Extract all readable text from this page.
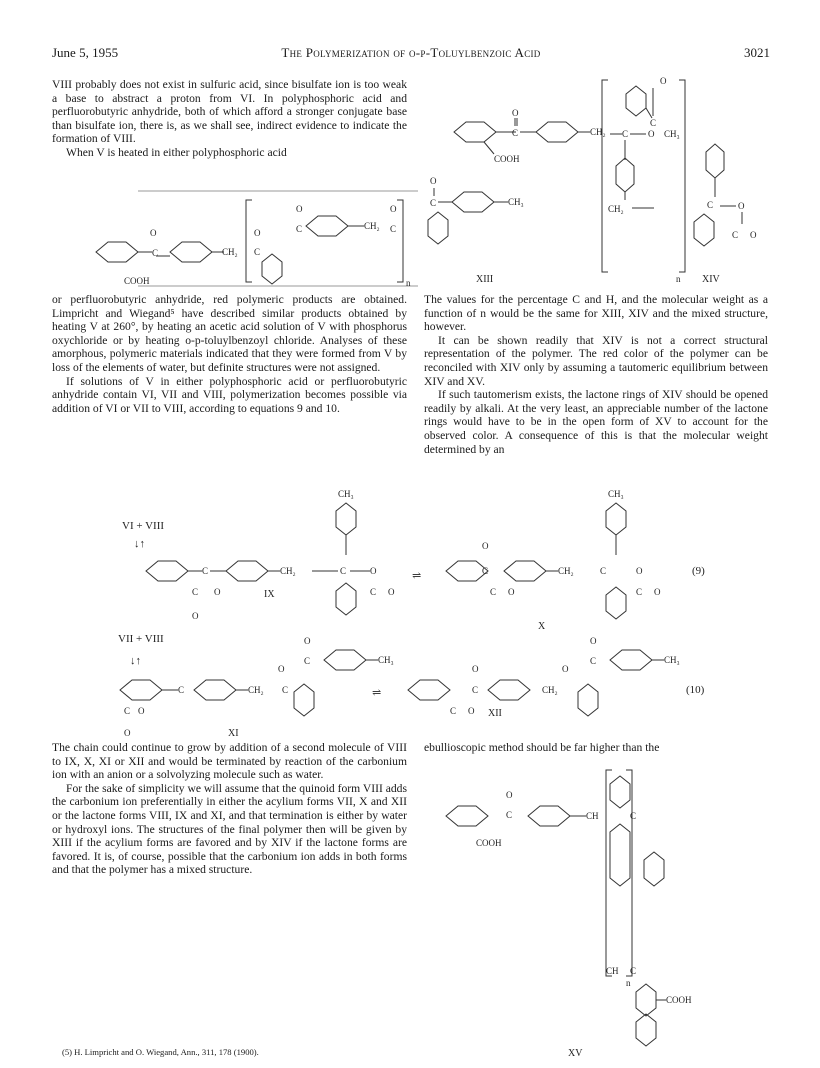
June 5, 1955	The Polymerization of o-p-Toluylbenzoic Acid	3021

VIII probably does not exist in sulfuric acid, since bisulfate ion is too weak a base to abstract a proton from VI. In polyphosphoric acid and perfluorobutyric anhydride, both of which afford a stronger conjugate base than bisulfate ion, there is, as we shall see, indirect evidence to indicate the formation of VIII.

When V is heated in either polyphosphoric acid

C
O
CH₂
COOH
n
C O
C
O
CH₂
CH₃
C	O
C O
XIV
O
C	CH₃
XIII
C
O
CH₂
COOH	n
O
C
O
C	CH₂
O
C

or perfluorobutyric anhydride, red polymeric products are obtained. Limpricht and Wiegand⁵ have described similar products obtained by heating V at 260°, by heating an acetic acid solution of V with phosphorus oxychloride or by heating o-p-toluylbenzoyl chloride. Analyses of these amorphous, polymeric materials indicated that they were formed from V by loss of the elements of water, but definite structures were not assigned.

If solutions of V in either polyphosphoric acid or perfluorobutyric anhydride contain VI, VII and VIII, polymerization becomes possible via addition of VI or VII to VIII, according to equations 9 and 10.

The values for the percentage C and H, and the molecular weight as a function of n would be the same for XIII, XIV and the mixed structure, however.

It can be shown readily that XIV is not a correct structural representation of the polymer. The red color of the polymer can be reconciled with XIV only by assuming a tautomeric equilibrium between XIV and XV.

If such tautomerism exists, the lactone rings of XIV should be opened readily by alkali. At the very least, an appreciable number of the lactone rings would have to be in the open form of XV to account for the observed color. A consequence of this is that the molecular weight determined by an

CH₃
VI + VIII
↓↑
C	CH₂	C	O
C O
O
IX	C O
⇌
CH₃
O
C	CH₂	C	O
C O	C O
X
(9)
VII + VIII
↓↑
C	CH₂
O
C
O
C	CH₃
C O
O	XI
⇌
O
C	CH₂
O
O
C	CH₃
C O XII
(10)

The chain could continue to grow by addition of a second molecule of VIII to IX, X, XI or XII and would be terminated by reaction of the carbonium ion with an anion or a solvolyzing molecule such as water.

For the sake of simplicity we will assume that the quinoid form VIII adds the carbonium ion preferentially in either the acylium forms VII, X and XII or the lactone forms VIII, IX and XI, and that termination is either by water or hydroxyl ions. The structures of the final polymer then will be given by XIII if the acylium forms are favored and by XIV if the lactone forms are favored. It is, of course, possible that the carbonium ion adds in both forms and that the polymer has a mixed structure.

ebullioscopic method should be far higher than the
O
C	CH
COOH
n
C
CH C
COOH
XV
(5) H. Limpricht and O. Wiegand, Ann., 311, 178 (1900).
